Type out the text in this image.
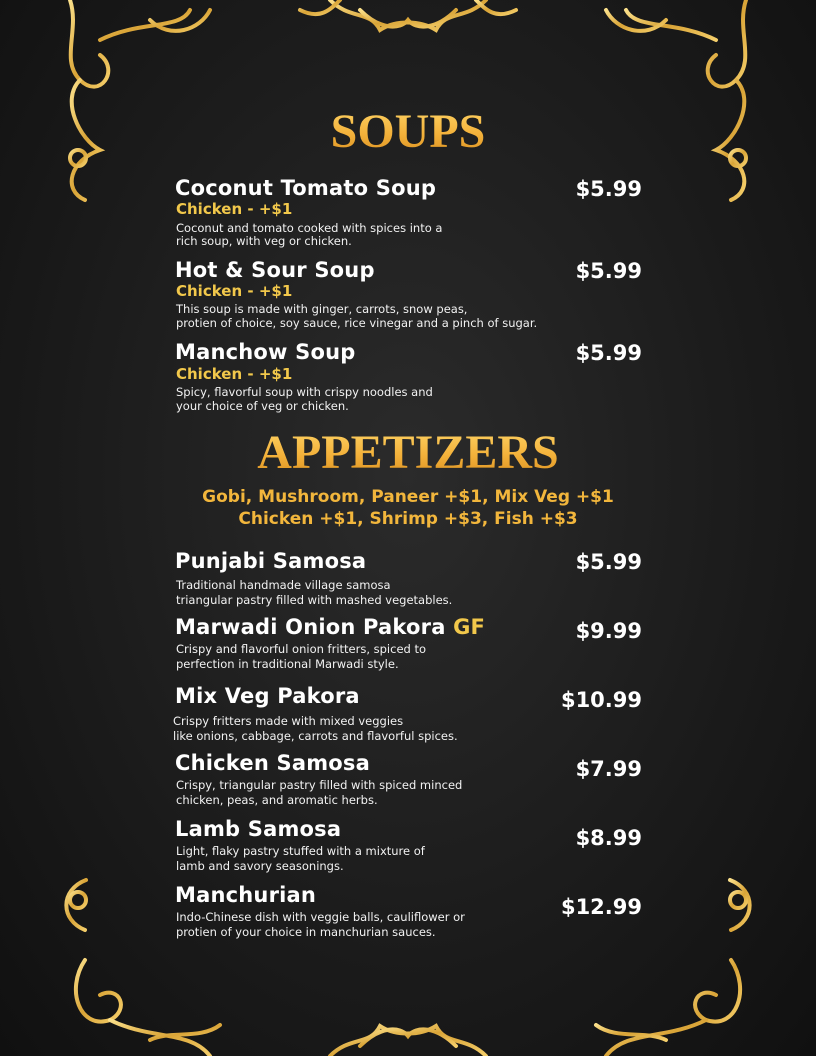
SOUPS
Coconut Tomato Soup	$5.99
Chicken - +$1
Coconut and tomato cooked with spices into a
rich soup, with veg or chicken.
Hot & Sour Soup	$5.99
Chicken - +$1
This soup is made with ginger, carrots, snow peas,
protien of choice, soy sauce, rice vinegar and a pinch of sugar.
Manchow Soup	$5.99
Chicken - +$1
Spicy, flavorful soup with crispy noodles and
your choice of veg or chicken.
APPETIZERS
Gobi, Mushroom, Paneer +$1, Mix Veg +$1
Chicken +$1, Shrimp +$3, Fish +$3
Punjabi Samosa	$5.99
Traditional handmade village samosa
triangular pastry filled with mashed vegetables.
Marwadi Onion Pakora GF	$9.99
Crispy and flavorful onion fritters, spiced to
perfection in traditional Marwadi style.
Mix Veg Pakora	$10.99
Crispy fritters made with mixed veggies
like onions, cabbage, carrots and flavorful spices.
Chicken Samosa	$7.99
Crispy, triangular pastry filled with spiced minced
chicken, peas, and aromatic herbs.
Lamb Samosa	$8.99
Light, flaky pastry stuffed with a mixture of
lamb and savory seasonings.
Manchurian	$12.99
Indo-Chinese dish with veggie balls, cauliflower or
protien of your choice in manchurian sauces.
